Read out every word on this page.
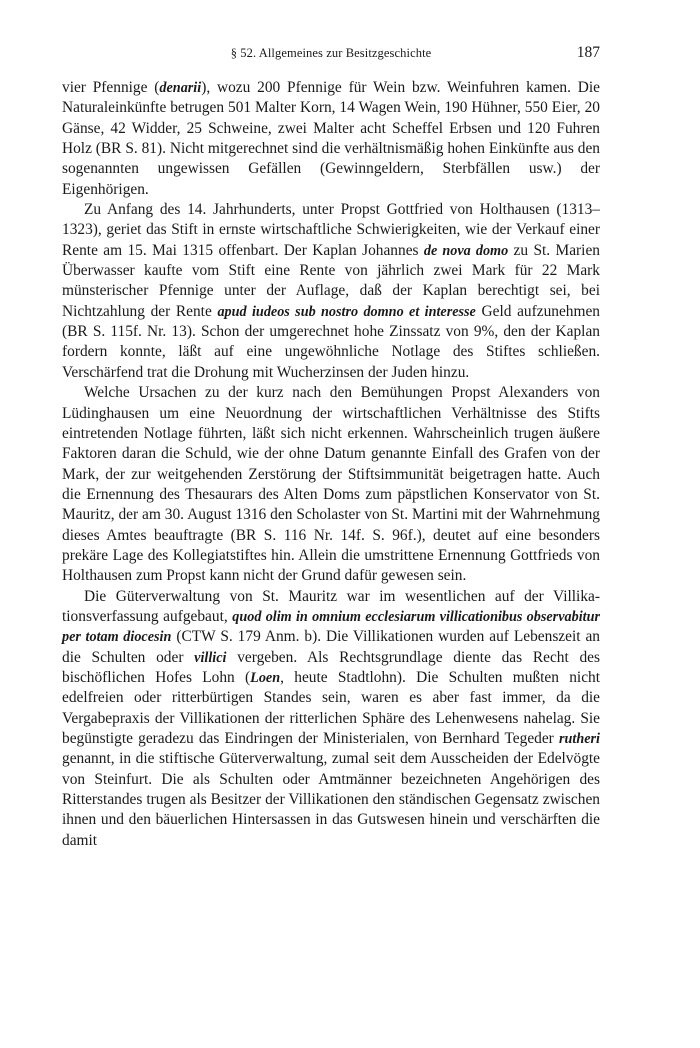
§ 52. Allgemeines zur Besitzgeschichte	187

vier Pfennige (denarii), wozu 200 Pfennige für Wein bzw. Weinfuhren kamen. Die Naturaleinkünfte betrugen 501 Malter Korn, 14 Wagen Wein, 190 Hühner, 550 Eier, 20 Gänse, 42 Widder, 25 Schweine, zwei Malter acht Scheffel Erbsen und 120 Fuhren Holz (BR S. 81). Nicht mitgerechnet sind die verhältnismäßig hohen Einkünfte aus den sogenannten ungewissen Gefällen (Gewinngeldern, Sterbfällen usw.) der Eigenhörigen.

Zu Anfang des 14. Jahrhunderts, unter Propst Gottfried von Holthausen (1313–1323), geriet das Stift in ernste wirtschaftliche Schwierigkeiten, wie der Verkauf einer Rente am 15. Mai 1315 offenbart. Der Kaplan Johannes de nova domo zu St. Marien Überwasser kaufte vom Stift eine Rente von jährlich zwei Mark für 22 Mark münsterischer Pfennige unter der Auflage, daß der Kaplan berechtigt sei, bei Nichtzahlung der Rente apud iudeos sub nostro domno et interesse Geld aufzunehmen (BR S. 115f. Nr. 13). Schon der umgerechnet hohe Zinssatz von 9%, den der Kaplan fordern konnte, läßt auf eine ungewöhnliche Notlage des Stiftes schließen. Verschärfend trat die Drohung mit Wucherzinsen der Juden hinzu.

Welche Ursachen zu der kurz nach den Bemühungen Propst Alexanders von Lüdinghausen um eine Neuordnung der wirtschaftlichen Verhältnisse des Stifts eintretenden Notlage führten, läßt sich nicht erkennen. Wahrscheinlich trugen äußere Faktoren daran die Schuld, wie der ohne Datum genannte Einfall des Grafen von der Mark, der zur weitgehenden Zerstörung der Stiftsimmunität beigetragen hatte. Auch die Ernennung des Thesaurars des Alten Doms zum päpstlichen Konservator von St. Mauritz, der am 30. August 1316 den Scholaster von St. Martini mit der Wahrnehmung dieses Amtes beauftragte (BR S. 116 Nr. 14f. S. 96f.), deutet auf eine besonders prekäre Lage des Kollegiatstiftes hin. Allein die umstrittene Ernennung Gottfrieds von Holthausen zum Propst kann nicht der Grund dafür gewesen sein.

Die Güterverwaltung von St. Mauritz war im wesentlichen auf der Villikationsverfassung aufgebaut, quod olim in omnium ecclesiarum villicationibus observabitur per totam diocesin (CTW S. 179 Anm. b). Die Villikationen wurden auf Lebenszeit an die Schulten oder villici vergeben. Als Rechtsgrundlage diente das Recht des bischöflichen Hofes Lohn (Loen, heute Stadtlohn). Die Schulten mußten nicht edelfreien oder ritterbürtigen Standes sein, waren es aber fast immer, da die Vergabepraxis der Villikationen der ritterlichen Sphäre des Lehenwesens nahelag. Sie begünstigte geradezu das Eindringen der Ministerialen, von Bernhard Tegeder rutheri genannt, in die stiftische Güterverwaltung, zumal seit dem Ausscheiden der Edelvögte von Steinfurt. Die als Schulten oder Amtmänner bezeichneten Angehörigen des Ritterstandes trugen als Besitzer der Villikationen den ständischen Gegensatz zwischen ihnen und den bäuerlichen Hintersassen in das Gutswesen hinein und verschärften die damit
